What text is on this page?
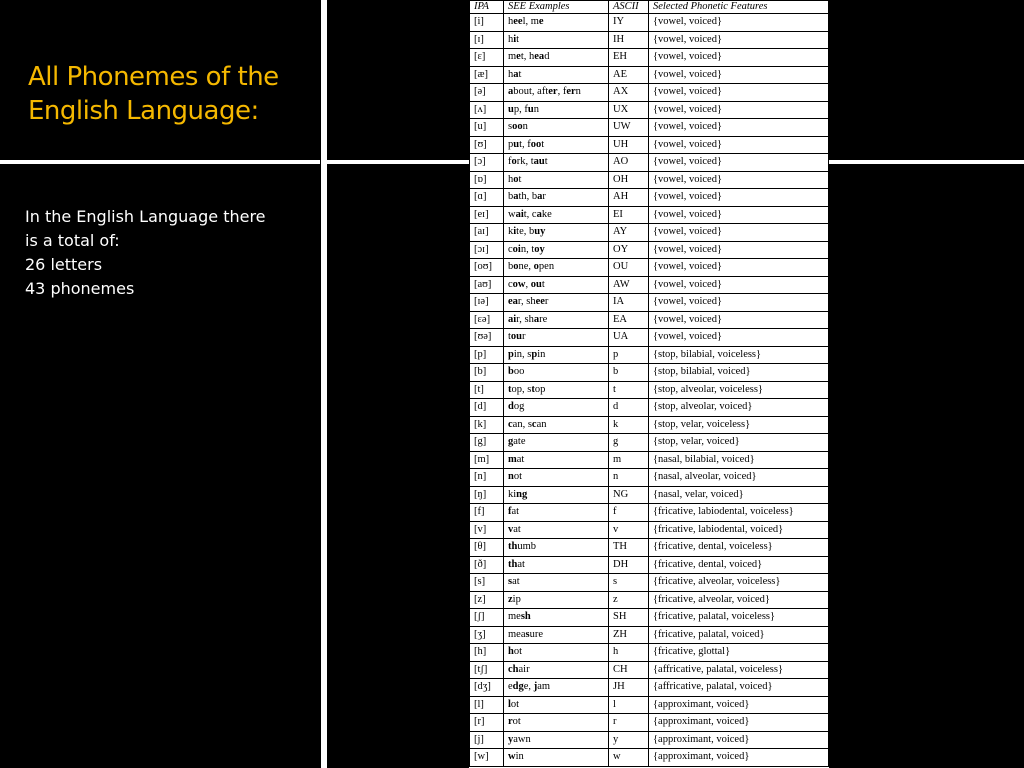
All Phonemes of the English Language:
In the English Language there
is a total of:
26 letters
43 phonemes
IPA	SEE Examples	ASCII	Selected Phonetic Features
[i]	heel, me	IY	{vowel, voiced}
[ɪ]	hit	IH	{vowel, voiced}
[ɛ]	met, head	EH	{vowel, voiced}
[æ]	hat	AE	{vowel, voiced}
[ə]	about, after, fern	AX	{vowel, voiced}
[ʌ]	up, fun	UX	{vowel, voiced}
[u]	soon	UW	{vowel, voiced}
[ʊ]	put, foot	UH	{vowel, voiced}
[ɔ]	fork, taut	AO	{vowel, voiced}
[ɒ]	hot	OH	{vowel, voiced}
[ɑ]	bath, bar	AH	{vowel, voiced}
[eɪ]	wait, cake	EI	{vowel, voiced}
[aɪ]	kite, buy	AY	{vowel, voiced}
[ɔɪ]	coin, toy	OY	{vowel, voiced}
[oʊ]	bone, open	OU	{vowel, voiced}
[aʊ]	cow, out	AW	{vowel, voiced}
[ɪə]	ear, sheer	IA	{vowel, voiced}
[ɛə]	air, share	EA	{vowel, voiced}
[ʊə]	tour	UA	{vowel, voiced}
[p]	pin, spin	p	{stop, bilabial, voiceless}
[b]	boo	b	{stop, bilabial, voiced}
[t]	top, stop	t	{stop, alveolar, voiceless}
[d]	dog	d	{stop, alveolar, voiced}
[k]	can, scan	k	{stop, velar, voiceless}
[g]	gate	g	{stop, velar, voiced}
[m]	mat	m	{nasal, bilabial, voiced}
[n]	not	n	{nasal, alveolar, voiced}
[ŋ]	king	NG	{nasal, velar, voiced}
[f]	fat	f	{fricative, labiodental, voiceless}
[v]	vat	v	{fricative, labiodental, voiced}
[θ]	thumb	TH	{fricative, dental, voiceless}
[ð]	that	DH	{fricative, dental, voiced}
[s]	sat	s	{fricative, alveolar, voiceless}
[z]	zip	z	{fricative, alveolar, voiced}
[ʃ]	mesh	SH	{fricative, palatal, voiceless}
[ʒ]	measure	ZH	{fricative, palatal, voiced}
[h]	hot	h	{fricative, glottal}
[tʃ]	chair	CH	{affricative, palatal, voiceless}
[dʒ]	edge, jam	JH	{affricative, palatal, voiced}
[l]	lot	l	{approximant, voiced}
[r]	rot	r	{approximant, voiced}
[j]	yawn	y	{approximant, voiced}
[w]	win	w	{approximant, voiced}
